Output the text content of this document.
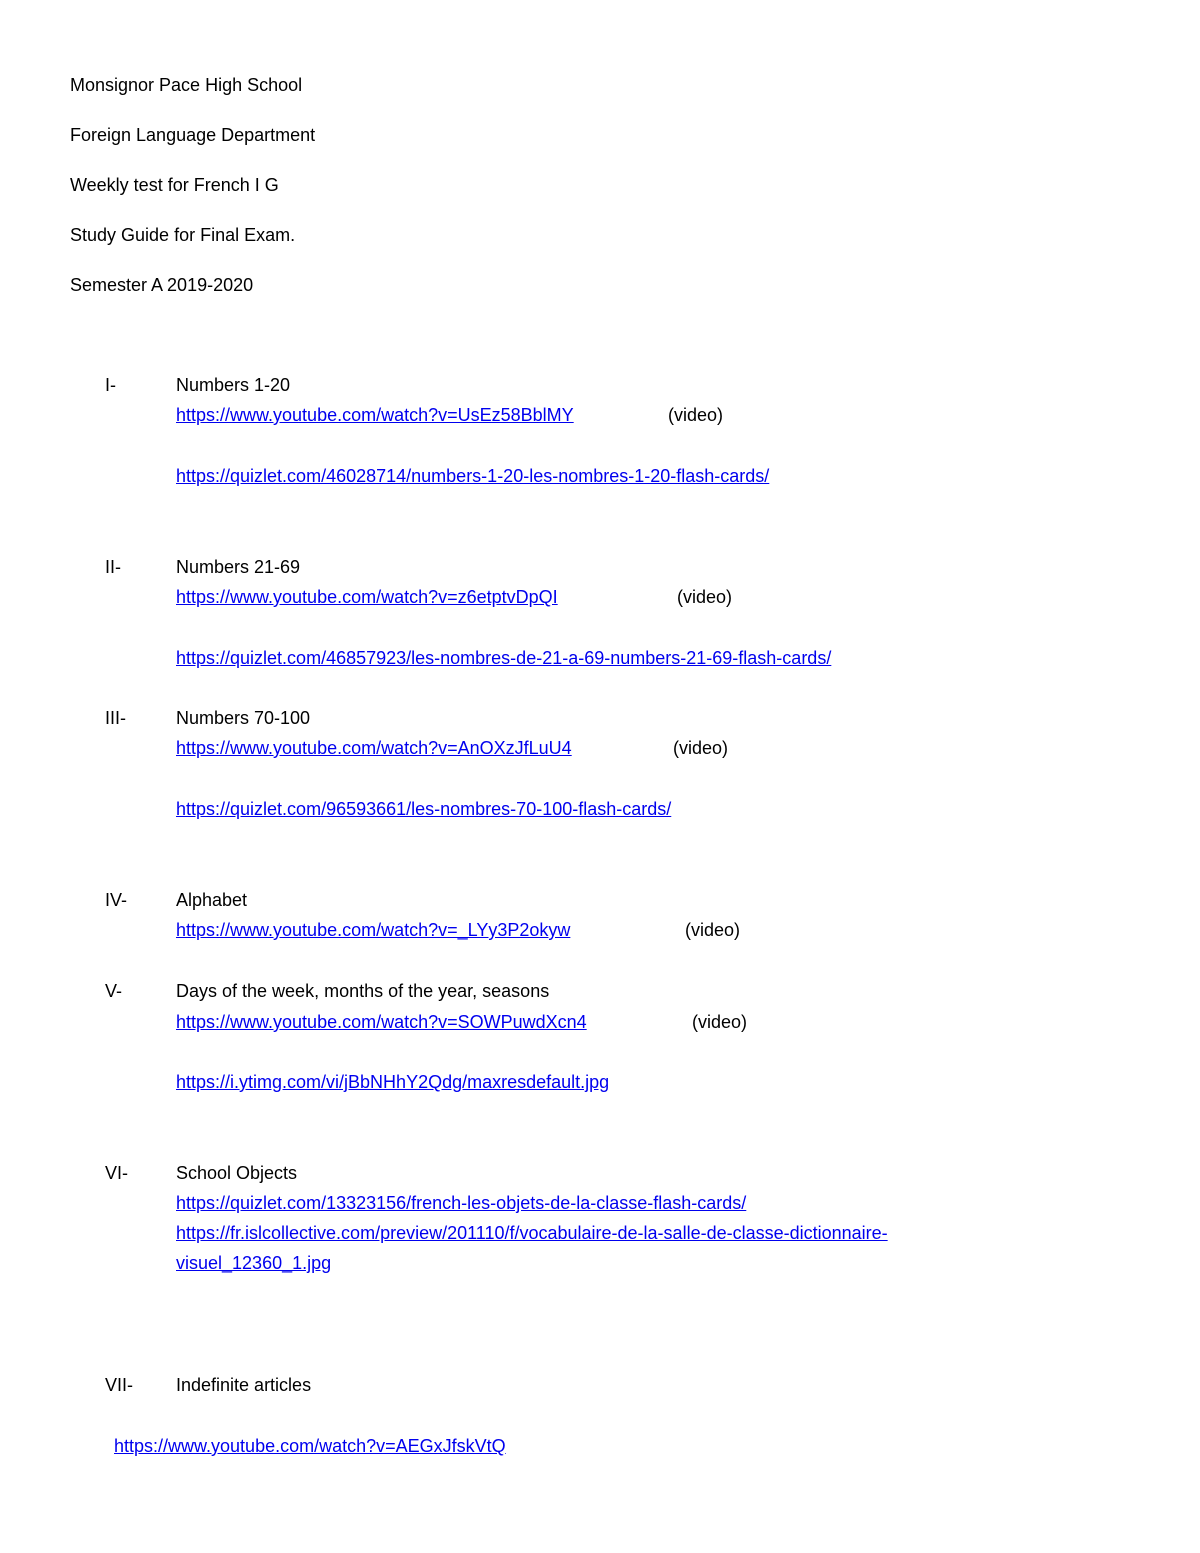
Monsignor Pace High School
Foreign Language Department
Weekly test for French I G
Study Guide for Final Exam.
Semester A 2019-2020
I-	Numbers 1-20
https://www.youtube.com/watch?v=UsEz58BblMY	(video)
https://quizlet.com/46028714/numbers-1-20-les-nombres-1-20-flash-cards/
II-	Numbers 21-69
https://www.youtube.com/watch?v=z6etptvDpQI	(video)
https://quizlet.com/46857923/les-nombres-de-21-a-69-numbers-21-69-flash-cards/
III-	Numbers 70-100
https://www.youtube.com/watch?v=AnOXzJfLuU4	(video)
https://quizlet.com/96593661/les-nombres-70-100-flash-cards/
IV-	Alphabet
https://www.youtube.com/watch?v=_LYy3P2okyw	(video)
V-	Days of the week, months of the year, seasons
https://www.youtube.com/watch?v=SOWPuwdXcn4	(video)
https://i.ytimg.com/vi/jBbNHhY2Qdg/maxresdefault.jpg
VI-	School Objects
https://quizlet.com/13323156/french-les-objets-de-la-classe-flash-cards/
https://fr.islcollective.com/preview/201110/f/vocabulaire-de-la-salle-de-classe-dictionnaire-
visuel_12360_1.jpg
VII- Indefinite articles
https://www.youtube.com/watch?v=AEGxJfskVtQ
